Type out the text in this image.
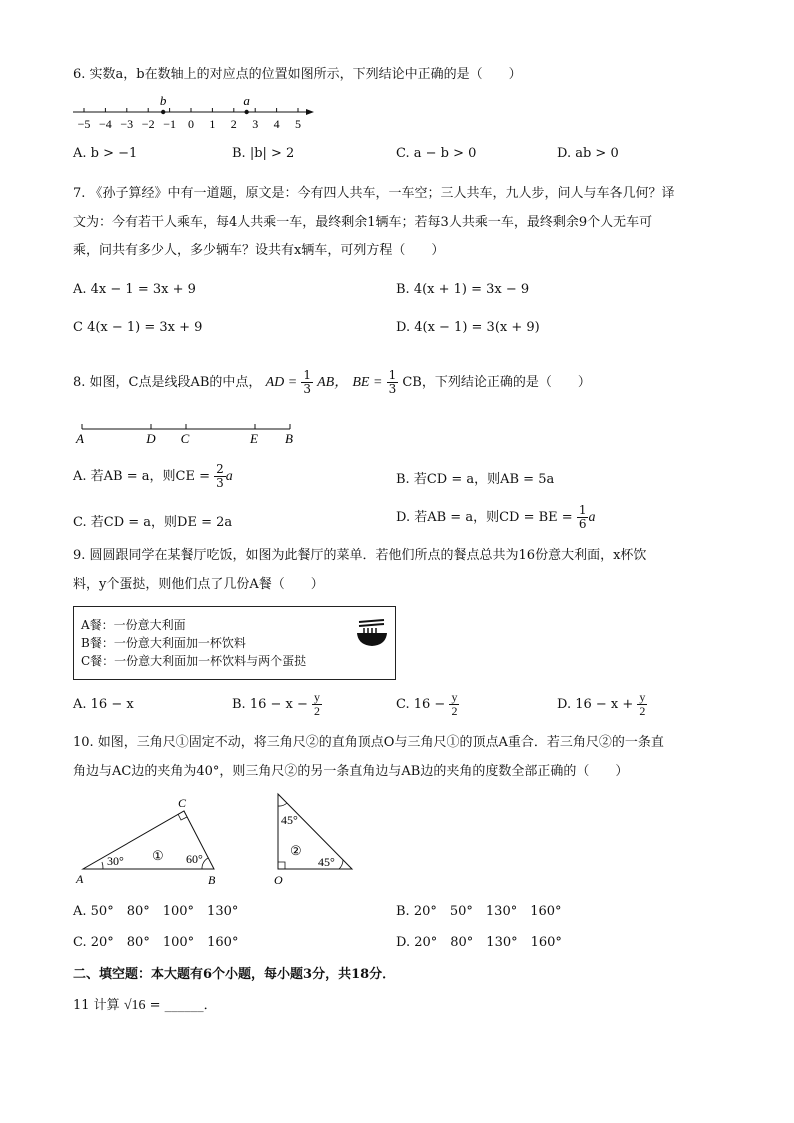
6. 实数a，b在数轴上的对应点的位置如图所示，下列结论中正确的是（　　）
−5 −4 −3 −2 −1 0 1 2 3 4 5
b	a
A. b > −1	B. |b| > 2	C. a − b > 0	D. ab > 0
7. 《孙子算经》中有一道题，原文是：今有四人共车，一车空；三人共车，九人步，问人与车各几何？译
文为：今有若干人乘车，每4人共乘一车，最终剩余1辆车；若每3人共乘一车，最终剩余9个人无车可
乘，问共有多少人，多少辆车？设共有x辆车，可列方程（　　）
A. 4x − 1 = 3x + 9	B. 4(x + 1) = 3x − 9
C 4(x − 1) = 3x + 9	D. 4(x − 1) = 3(x + 9)
8. 如图，C点是线段AB的中点， AD = $\frac{1}{3}$ AB， BE = $\frac{1}{3}$ CB，下列结论正确的是（　　）
A	D C	E B
A. 若AB = a，则CE = $\frac{2}{3}$ a	B. 若CD = a，则AB = 5a
C. 若CD = a，则DE = 2a	D. 若AB = a，则CD = BE = $\frac{1}{6}$ a
9. 圆圆跟同学在某餐厅吃饭，如图为此餐厅的菜单．若他们所点的餐点总共为16份意大利面，x杯饮
料，y个蛋挞，则他们点了几份A餐（　　）
A餐：一份意大利面
B餐：一份意大利面加一杯饮料
C餐：一份意大利面加一杯饮料与两个蛋挞
A. 16 − x	B. $16 - x - \frac{y}{2}$	C. $16 - \frac{y}{2}$	D. $16 - x + \frac{y}{2}$
10. 如图，三角尺①固定不动，将三角尺②的直角顶点O与三角尺①的顶点A重合．若三角尺②的一条直
角边与AC边的夹角为40°，则三角尺②的另一条直角边与AB边的夹角的度数全部正确的（　　）
A	B
C
30°	60°
①
O
45°
45°
②
A. 50°　80°　100°　130°	B. 20°　50°　130°　160°
C. 20°　80°　100°　160°	D. 20°　80°　130°　160°
二、填空题：本大题有6个小题，每小题3分，共18分．
11 计算 √16 = ______．
